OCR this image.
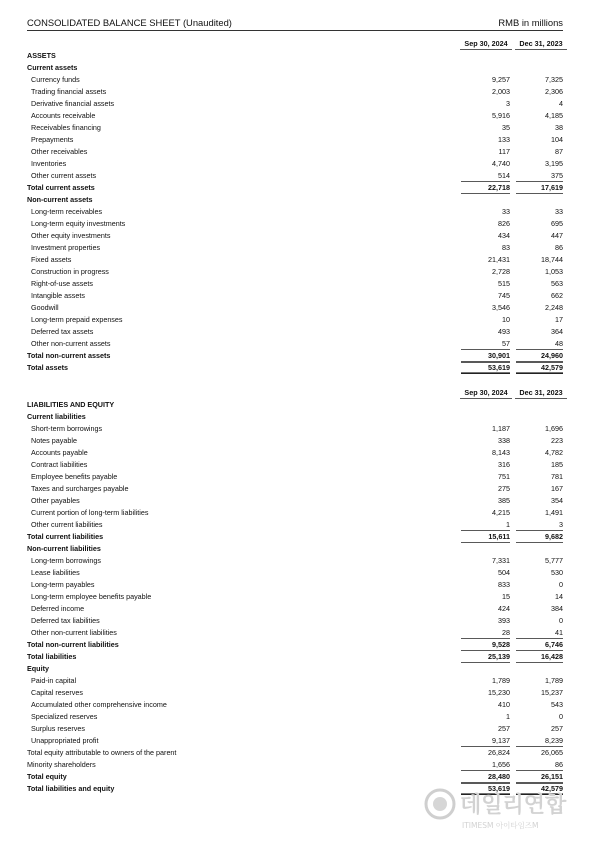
CONSOLIDATED BALANCE SHEET (Unaudited)	RMB in millions
Sep 30, 2024	Dec 31, 2023
ASSETS
Current assets
Currency funds	9,257	7,325
Trading financial assets	2,003	2,306
Derivative financial assets	3	4
Accounts receivable	5,916	4,185
Receivables financing	35	38
Prepayments	133	104
Other receivables	117	87
Inventories	4,740	3,195
Other current assets	514	375
Total current assets	22,718	17,619
Non-current assets
Long-term receivables	33	33
Long-term equity investments	826	695
Other equity investments	434	447
Investment properties	83	86
Fixed assets	21,431	18,744
Construction in progress	2,728	1,053
Right-of-use assets	515	563
Intangible assets	745	662
Goodwill	3,546	2,248
Long-term prepaid expenses	10	17
Deferred tax assets	493	364
Other non-current assets	57	48
Total non-current assets	30,901	24,960
Total assets	53,619	42,579
Sep 30, 2024	Dec 31, 2023
LIABILITIES AND EQUITY
Current liabilities
Short-term borrowings	1,187	1,696
Notes payable	338	223
Accounts payable	8,143	4,782
Contract liabilities	316	185
Employee benefits payable	751	781
Taxes and surcharges payable	275	167
Other payables	385	354
Current portion of long-term liabilities	4,215	1,491
Other current liabilities	1	3
Total current liabilities	15,611	9,682
Non-current liabilities
Long-term borrowings	7,331	5,777
Lease liabilities	504	530
Long-term payables	833	0
Long-term employee benefits payable	15	14
Deferred income	424	384
Deferred tax liabilities	393	0
Other non-current liabilities	28	41
Total non-current liabilities	9,528	6,746
Total liabilities	25,139	16,428
Equity
Paid-in capital	1,789	1,789
Capital reserves	15,230	15,237
Accumulated other comprehensive income	410	543
Specialized reserves	1	0
Surplus reserves	257	257
Unappropriated profit	9,137	8,239
Total equity attributable to owners of the parent	26,824	26,065
Minority shareholders	1,656	86
Total equity	28,480	26,151
Total liabilities and equity	53,619	42,579
데일리연합
ITIMESM 아이타임즈M
